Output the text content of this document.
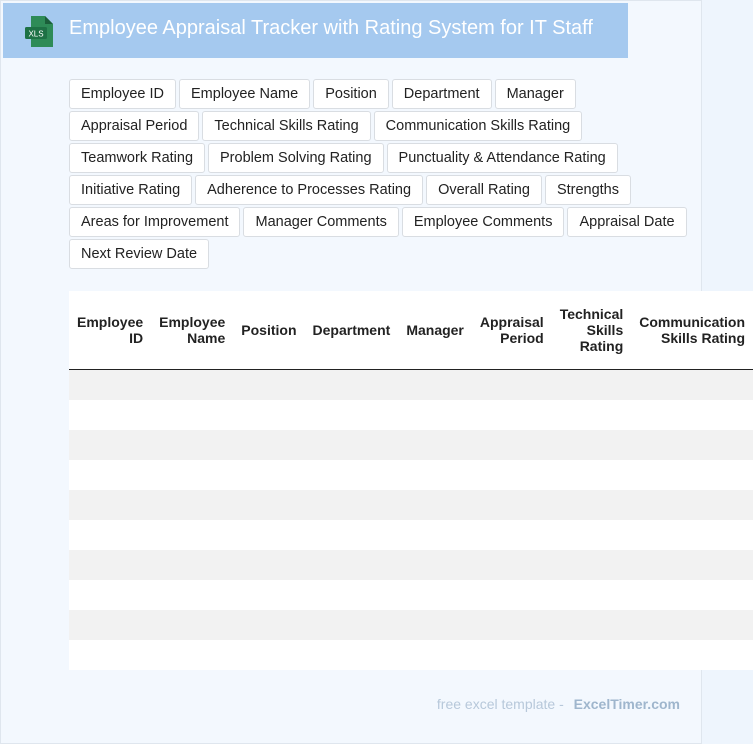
XLS Employee Appraisal Tracker with Rating System for IT Staff
Employee ID	Employee Name	Position	Department	Manager
Appraisal Period	Technical Skills Rating	Communication Skills Rating
Teamwork Rating	Problem Solving Rating	Punctuality & Attendance Rating
Initiative Rating	Adherence to Processes Rating	Overall Rating	Strengths
Areas for Improvement	Manager Comments	Employee Comments	Appraisal Date
Next Review Date
Employee ID	Employee Name	Position	Department	Manager	Appraisal Period	Technical Skills Rating	Communication Skills Rating

free excel template - ExcelTimer.com
